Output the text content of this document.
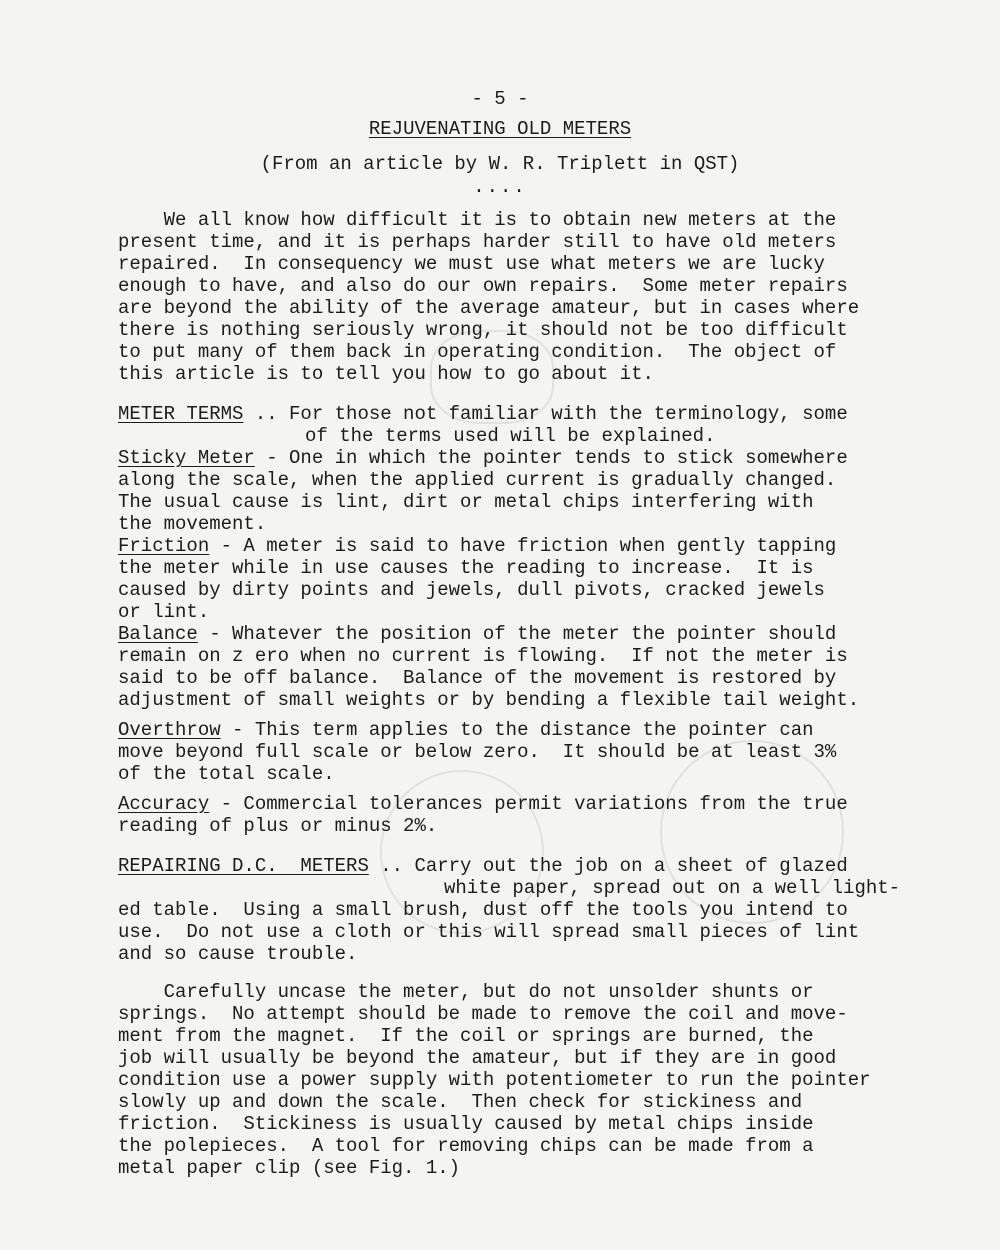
- 5 -
REJUVENATING OLD METERS
(From an article by W. R. Triplett in QST)
....
We all know how difficult it is to obtain new meters at the
present time, and it is perhaps harder still to have old meters
repaired.  In consequency we must use what meters we are lucky
enough to have, and also do our own repairs.  Some meter repairs
are beyond the ability of the average amateur, but in cases where
there is nothing seriously wrong, it should not be too difficult
to put many of them back in operating condition.  The object of
this article is to tell you how to go about it.
METER TERMS .. For those not familiar with the terminology, some
of the terms used will be explained.
Sticky Meter - One in which the pointer tends to stick somewhere
along the scale, when the applied current is gradually changed.
The usual cause is lint, dirt or metal chips interfering with
the movement.
Friction - A meter is said to have friction when gently tapping
the meter while in use causes the reading to increase.  It is
caused by dirty points and jewels, dull pivots, cracked jewels
or lint.
Balance - Whatever the position of the meter the pointer should
remain on z ero when no current is flowing.  If not the meter is
said to be off balance.  Balance of the movement is restored by
adjustment of small weights or by bending a flexible tail weight.
Overthrow - This term applies to the distance the pointer can
move beyond full scale or below zero.  It should be at least 3%
of the total scale.
Accuracy - Commercial tolerances permit variations from the true
reading of plus or minus 2%.
REPAIRING D.C.  METERS .. Carry out the job on a sheet of glazed
white paper, spread out on a well light-
ed table.  Using a small brush, dust off the tools you intend to
use.  Do not use a cloth or this will spread small pieces of lint
and so cause trouble.
Carefully uncase the meter, but do not unsolder shunts or
springs.  No attempt should be made to remove the coil and move-
ment from the magnet.  If the coil or springs are burned, the
job will usually be beyond the amateur, but if they are in good
condition use a power supply with potentiometer to run the pointer
slowly up and down the scale.  Then check for stickiness and
friction.  Stickiness is usually caused by metal chips inside
the polepieces.  A tool for removing chips can be made from a
metal paper clip (see Fig. 1.)
